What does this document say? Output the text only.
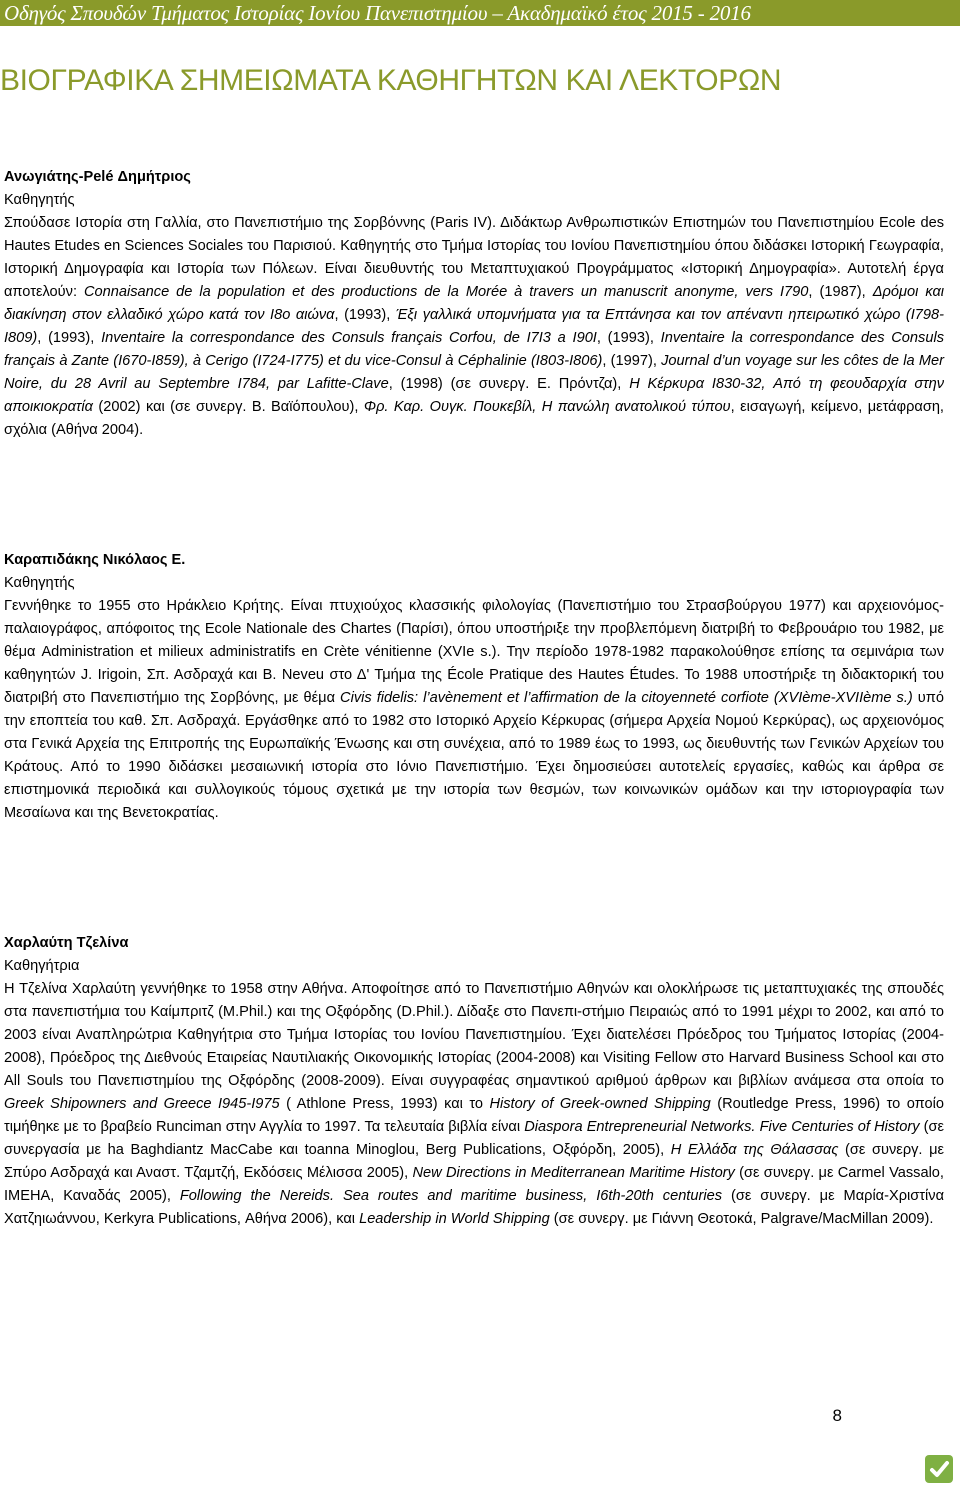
Οδηγός Σπουδών Τμήματος Ιστορίας Ιονίου Πανεπιστημίου – Ακαδημαϊκό έτος 2015 - 2016
ΒΙΟΓΡΑΦΙΚΑ ΣΗΜΕΙΩΜΑΤΑ ΚΑΘΗΓΗΤΩΝ ΚΑΙ ΛΕΚΤΟΡΩΝ
Ανωγιάτης-Pelé Δημήτριος
Καθηγητής

Σπούδασε Ιστορία στη Γαλλία, στο Πανεπιστήμιο της Σορβόννης (Paris IV). Διδάκτωρ Ανθρωπιστικών Επιστημών του Πανεπιστημίου Ecole des Hautes Etudes en Sciences Sociales του Παρισιού. Καθηγητής στο Τμήμα Ιστορίας του Ιονίου Πανεπιστημίου όπου διδάσκει Ιστορική Γεωγραφία, Ιστορική Δημογραφία και Ιστορία των Πόλεων. Είναι διευθυντής του Μεταπτυχιακού Προγράμματος «Ιστορική Δημογραφία». Αυτοτελή έργα αποτελούν: Connaisance de la population et des productions de la Morée à travers un manuscrit anonyme, vers I790, (1987), Δρόμοι και διακίνηση στον ελλαδικό χώρο κατά τον I8ο αιώνα, (1993), Έξι γαλλικά υπομνήματα για τα Επτάνησα και τον απέναντι ηπειρωτικό χώρο (I798-I809), (1993), Inventaire la correspondance des Consuls français Corfou, de I7I3 a I90I, (1993), Inventaire la correspondance des Consuls français à Zante (I670-I859), à Cerigo (I724-I775) et du vice-Consul à Céphalinie (I803-I806), (1997), Journal d’un voyage sur les côtes de la Mer Noire, du 28 Avril au Septembre I784, par Lafitte-Clave, (1998) (σε συνεργ. Ε. Πρόντζα), Η Κέρκυρα I830-32, Από τη φεουδαρχία στην αποικιοκρατία (2002) και (σε συνεργ. Β. Βαϊόπουλου), Φρ. Καρ. Ουγκ. Πουκεβίλ, Η πανώλη ανατολικού τύπου, εισαγωγή, κείμενο, μετάφραση, σχόλια (Αθήνα 2004).

Καραπιδάκης Νικόλαος Ε.
Καθηγητής

Γεννήθηκε το 1955 στο Ηράκλειο Κρήτης. Είναι πτυχιούχος κλασσικής φιλολογίας (Πανεπιστήμιο του Στρασβούργου 1977) και αρχειονόμος-παλαιογράφος, απόφοιτος της Ecole Nationale des Chartes (Παρίσι), όπου υποστήριξε την προβλεπόμενη διατριβή το Φεβρουάριο του 1982, με θέμα Administration et milieux administratifs en Crète vénitienne (XVIe s.). Την περίοδο 1978-1982 παρακολούθησε επίσης τα σεμινάρια των καθηγητών J. Irigoin, Σπ. Ασδραχά και B. Neveu στο Δ' Τμήμα της École Pratique des Hautes Études. Το 1988 υποστήριξε τη διδακτορική του διατριβή στο Πανεπιστήμιο της Σορβόνης, με θέμα Civis fidelis: l’avènement et l’affirmation de la citoyenneté corfiote (XVIème-XVIIème s.) υπό την εποπτεία του καθ. Σπ. Ασδραχά. Εργάσθηκε από το 1982 στο Ιστορικό Αρχείο Κέρκυρας (σήμερα Αρχεία Νομού Κερκύρας), ως αρχειονόμος στα Γενικά Αρχεία της Επιτροπής της Ευρωπαϊκής Ένωσης και στη συνέχεια, από το 1989 έως το 1993, ως διευθυντής των Γενικών Αρχείων του Κράτους. Από το 1990 διδάσκει μεσαιωνική ιστορία στο Ιόνιο Πανεπιστήμιο. Έχει δημοσιεύσει αυτοτελείς εργασίες, καθώς και άρθρα σε επιστημονικά περιοδικά και συλλογικούς τόμους σχετικά με την ιστορία των θεσμών, των κοινωνικών ομάδων και την ιστοριογραφία των Μεσαίωνα και της Βενετοκρατίας.

Χαρλαύτη Τζελίνα
Καθηγήτρια

Η Τζελίνα Χαρλαύτη γεννήθηκε το 1958 στην Αθήνα. Αποφοίτησε από το Πανεπιστήμιο Αθηνών και ολοκλήρωσε τις μεταπτυχιακές της σπουδές στα πανεπιστήμια του Καίμπριτζ (M.Phil.) και της Οξφόρδης (D.Phil.). Δίδαξε στο Πανεπι-στήμιο Πειραιώς από το 1991 μέχρι το 2002, και από το 2003 είναι Αναπληρώτρια Καθηγήτρια στο Τμήμα Ιστορίας του Ιονίου Πανεπιστημίου. Έχει διατελέσει Πρόεδρος του Τμήματος Ιστορίας (2004-2008), Πρόεδρος της Διεθνούς Εταιρείας Ναυτιλιακής Οικονομικής Ιστορίας (2004-2008) και Visiting Fellow στο Harvard Business School και στο All Souls του Πανεπιστημίου της Οξφόρδης (2008-2009). Είναι συγγραφέας σημαντικού αριθμού άρθρων και βιβλίων ανάμεσα στα οποία το Greek Shipowners and Greece I945-I975 ( Athlone Press, 1993) και το History of Greek-owned Shipping (Routledge Press, 1996) το οποίο τιμήθηκε με το βραβείο Runciman στην Αγγλία το 1997. Τα τελευταία βιβλία είναι Diaspora Entrepreneurial Networks. Five Centuries of History (σε συνεργασία με ha Baghdiantz MacCabe και toanna Minoglou, Berg Publications, Οξφόρδη, 2005), Η Ελλάδα της Θάλασσας (σε συνεργ. με Σπύρο Ασδραχά και Αναστ. Τζαμτζή, Εκδόσεις Μέλισσα 2005), New Directions in Mediterranean Maritime History (σε συνεργ. με Carmel Vassalo, IMEHA, Καναδάς 2005), Following the Nereids. Sea routes and maritime business, I6th-20th centuries (σε συνεργ. με Μαρία-Χριστίνα Χατζηιωάννου, Kerkyra Publications, Αθήνα 2006), και Leadership in World Shipping (σε συνεργ. με Γιάννη Θεοτοκά, Palgrave/MacMillan 2009).

8
